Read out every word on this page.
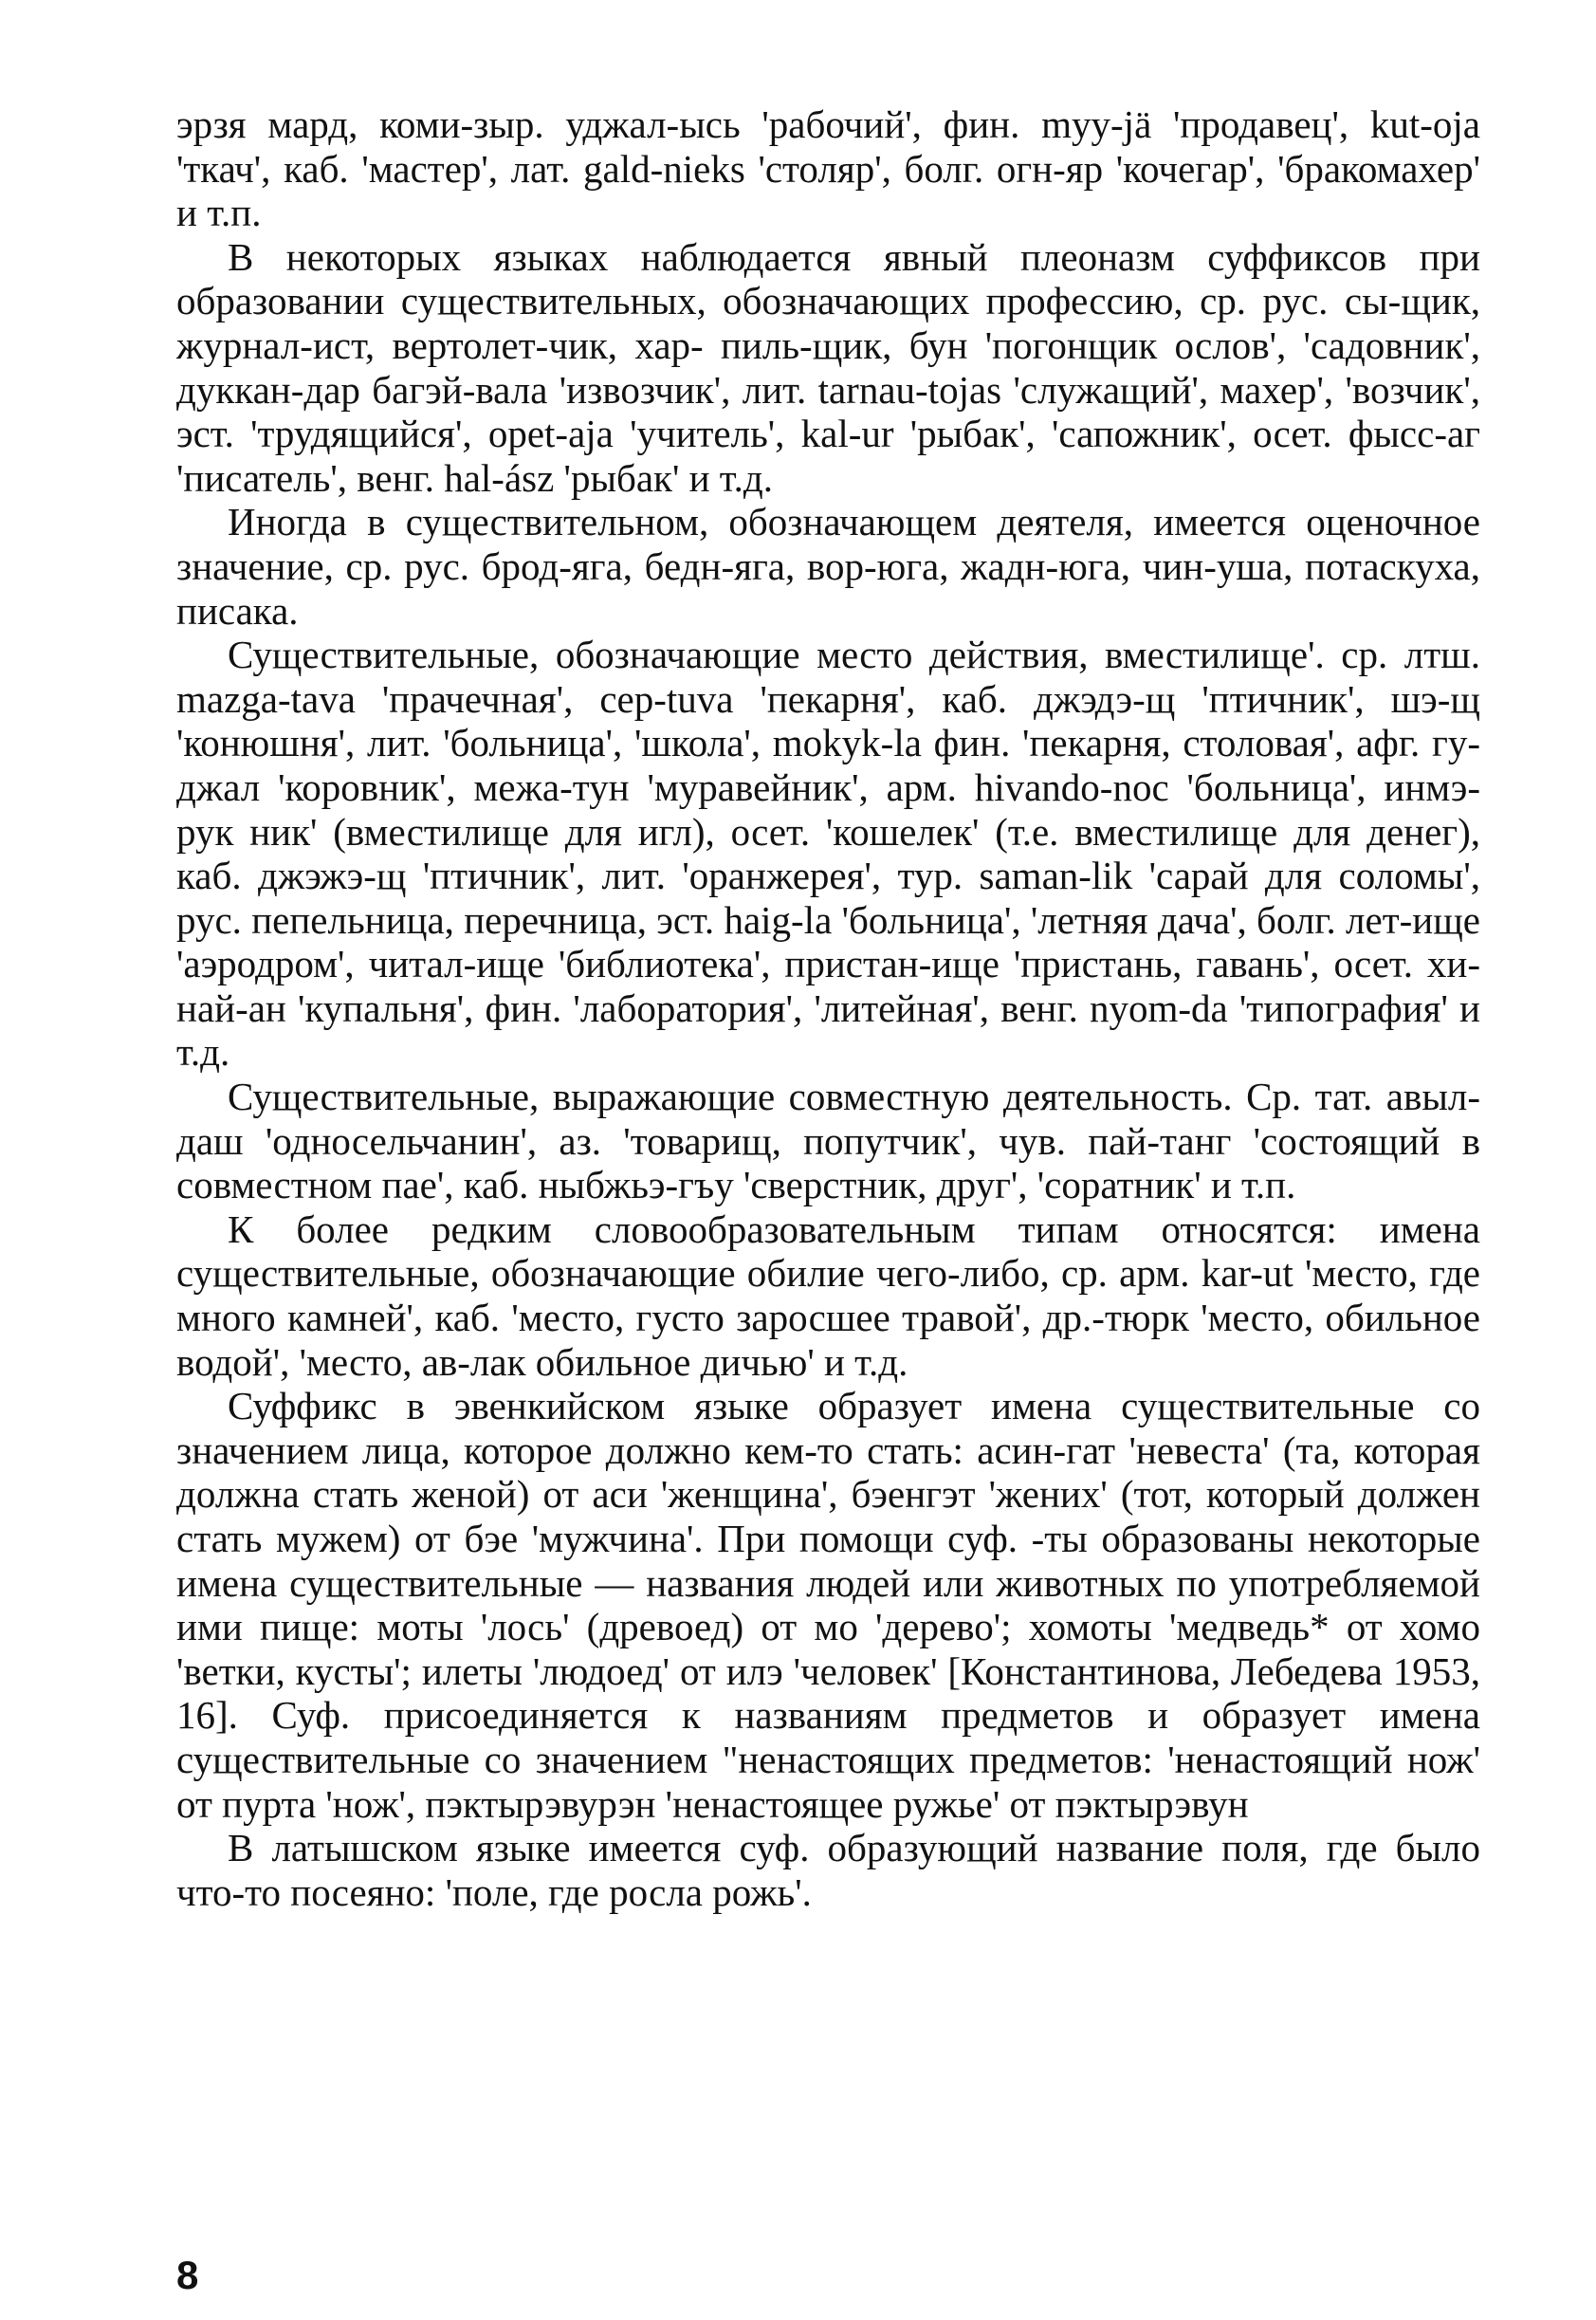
эрзя мард, коми-зыр. уджал-ысь 'рабочий', фин. myy-jä 'продавец', kut-oja 'ткач', каб. 'мастер', лат. gald-nieks 'столяр', болг. огн-яр 'кочегар', 'бракомахер' и т.п.

В некоторых языках наблюдается явный плеоназм суффиксов при образовании существительных, обозначающих профессию, ср. рус. сы-щик, журнал-ист, вертолет-чик, хар- пиль-щик, бун 'погонщик ослов', 'садовник', дуккан-дар багэй-вала 'извозчик', лит. tarnau-tojas 'служащий', махер', 'возчик', эст. 'трудящийся', opet-aja 'учитель', kal-ur 'рыбак', 'сапожник', осет. фысс-аг 'писатель', венг. hal-ász 'рыбак' и т.д.

Иногда в существительном, обозначающем деятеля, имеется оценочное значение, ср. рус. брод-яга, бедн-яга, вор-юга, жадн-юга, чин-уша, потаскуха, писака.

Существительные, обозначающие место действия, вместилище'. ср. лтш. mazga-tava 'прачечная', cep-tuva 'пекарня', каб. джэдэ-щ 'птичник', шэ-щ 'конюшня', лит. 'больница', 'школа', mokyk-la фин. 'пекарня, столовая', афг. гу-джал 'коровник', межа-тун 'муравейник', арм. hivando-noc 'больница', инмэ-рук ник' (вместилище для игл), осет. 'кошелек' (т.е. вместилище для денег), каб. джэжэ-щ 'птичник', лит. 'оранжерея', тур. saman-lik 'сарай для соломы', рус. пепельница, перечница, эст. haig-la 'больница', 'летняя дача', болг. лет-ище 'аэродром', читал-ище 'библиотека', пристан-ище 'пристань, гавань', осет. хи-най-ан 'купальня', фин. 'лаборатория', 'литейная', венг. nyom-da 'типография' и т.д.

Существительные, выражающие совместную деятельность. Ср. тат. авыл-даш 'односельчанин', аз. 'товарищ, попутчик', чув. пай-танг 'состоящий в совместном пае', каб. ныбжьэ-гъу 'сверстник, друг', 'соратник' и т.п.

К более редким словообразовательным типам относятся: имена существительные, обозначающие обилие чего-либо, ср. арм. kar-ut 'место, где много камней', каб. 'место, густо заросшее травой', др.-тюрк 'место, обильное водой', 'место, ав-лак обильное дичью' и т.д.

Суффикс в эвенкийском языке образует имена существительные со значением лица, которое должно кем-то стать: асин-гат 'невеста' (та, которая должна стать женой) от аси 'женщина', бэенгэт 'жених' (тот, который должен стать мужем) от бэе 'мужчина'. При помощи суф. -ты образованы некоторые имена существительные — названия людей или животных по употребляемой ими пище: моты 'лось' (древоед) от мо 'дерево'; хомоты 'медведь* от хомо 'ветки, кусты'; илеты 'людоед' от илэ 'человек' [Константинова, Лебедева 1953, 16]. Суф. присоединяется к названиям предметов и образует имена существительные со значением "ненастоящих предметов: 'ненастоящий нож' от пурта 'нож', пэктырэвурэн 'ненастоящее ружье' от пэктырэвун

В латышском языке имеется суф. образующий название поля, где было что-то посеяно: 'поле, где росла рожь'.

8
